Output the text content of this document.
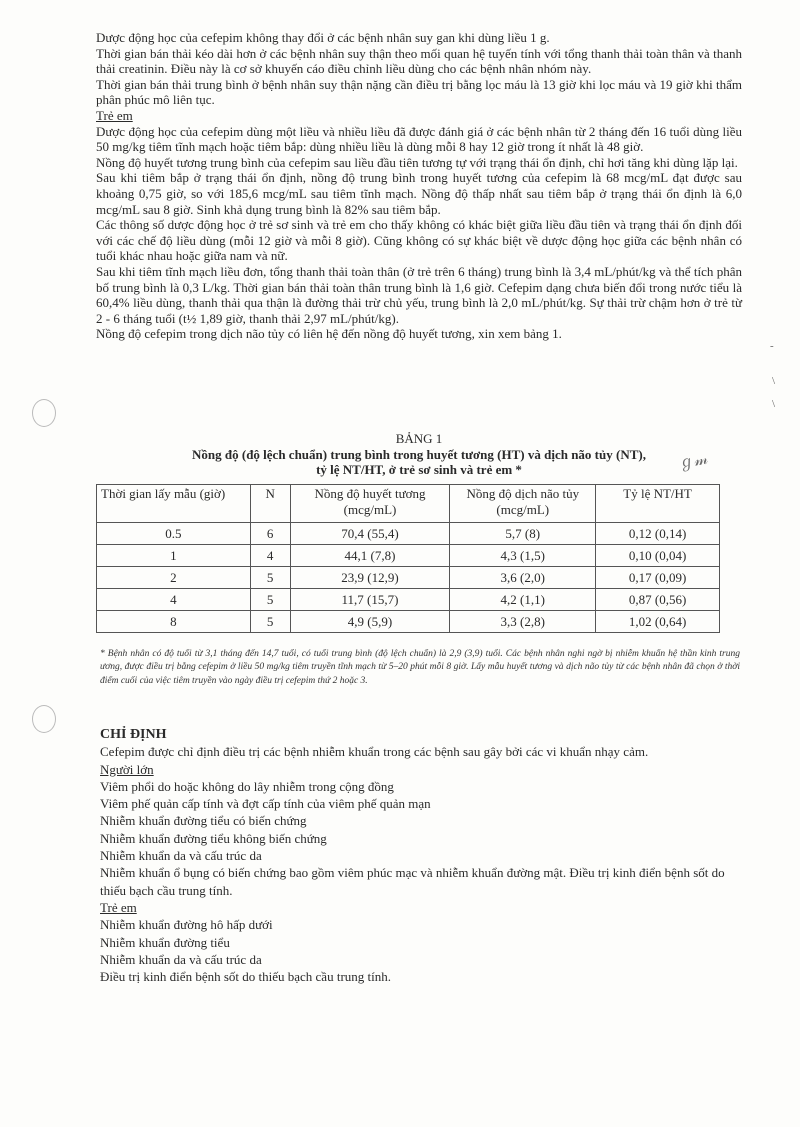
Dược động học của cefepim không thay đổi ở các bệnh nhân suy gan khi dùng liều 1 g.

Thời gian bán thải kéo dài hơn ở các bệnh nhân suy thận theo mối quan hệ tuyến tính với tổng thanh thải toàn thân và thanh thải creatinin. Điều này là cơ sở khuyến cáo điều chỉnh liều dùng cho các bệnh nhân nhóm này.

Thời gian bán thải trung bình ở bệnh nhân suy thận nặng cần điều trị bằng lọc máu là 13 giờ khi lọc máu và 19 giờ khi thẩm phân phúc mô liên tục.

Trẻ em

Dược động học của cefepim dùng một liều và nhiều liều đã được đánh giá ở các bệnh nhân từ 2 tháng đến 16 tuổi dùng liều 50 mg/kg tiêm tĩnh mạch hoặc tiêm bắp: dùng nhiều liều là dùng mỗi 8 hay 12 giờ trong ít nhất là 48 giờ.

Nồng độ huyết tương trung bình của cefepim sau liều đầu tiên tương tự với trạng thái ổn định, chỉ hơi tăng khi dùng lặp lại.

Sau khi tiêm bắp ở trạng thái ổn định, nồng độ trung bình trong huyết tương của cefepim là 68 mcg/mL đạt được sau khoảng 0,75 giờ, so với 185,6 mcg/mL sau tiêm tĩnh mạch. Nồng độ thấp nhất sau tiêm bắp ở trạng thái ổn định là 6,0 mcg/mL sau 8 giờ. Sinh khả dụng trung bình là 82% sau tiêm bắp.

Các thông số dược động học ở trẻ sơ sinh và trẻ em cho thấy không có khác biệt giữa liều đầu tiên và trạng thái ổn định đối với các chế độ liều dùng (mỗi 12 giờ và mỗi 8 giờ). Cũng không có sự khác biệt về dược động học giữa các bệnh nhân có tuổi khác nhau hoặc giữa nam và nữ.

Sau khi tiêm tĩnh mạch liều đơn, tổng thanh thải toàn thân (ở trẻ trên 6 tháng) trung bình là 3,4 mL/phút/kg và thể tích phân bố trung bình là 0,3 L/kg. Thời gian bán thải toàn thân trung bình là 1,6 giờ. Cefepim dạng chưa biến đổi trong nước tiểu là 60,4% liều dùng, thanh thải qua thận là đường thải trừ chủ yếu, trung bình là 2,0 mL/phút/kg. Sự thải trừ chậm hơn ở trẻ từ 2 - 6 tháng tuổi (t½ 1,89 giờ, thanh thải 2,97 mL/phút/kg).

Nồng độ cefepim trong dịch não tủy có liên hệ đến nồng độ huyết tương, xin xem bảng 1.

BẢNG 1
Nồng độ (độ lệch chuẩn) trung bình trong huyết tương (HT) và dịch não tủy (NT),
tỷ lệ NT/HT, ở trẻ sơ sinh và trẻ em *	ℊ𝓂
Thời gian lấy mẫu (giờ)	N	Nồng độ huyết tương (mcg/mL)	Nồng độ dịch não tủy (mcg/mL)	Tỷ lệ NT/HT
0.5	6	70,4 (55,4)	5,7 (8)	0,12 (0,14)
1	4	44,1 (7,8)	4,3 (1,5)	0,10 (0,04)
2	5	23,9 (12,9)	3,6 (2,0)	0,17 (0,09)
4	5	11,7 (15,7)	4,2 (1,1)	0,87 (0,56)
8	5	4,9 (5,9)	3,3 (2,8)	1,02 (0,64)
* Bệnh nhân có độ tuổi từ 3,1 tháng đến 14,7 tuổi, có tuổi trung bình (độ lệch chuẩn) là 2,9 (3,9) tuổi. Các bệnh nhân nghi ngờ bị nhiễm khuẩn hệ thần kinh trung ương, được điều trị bằng cefepim ở liều 50 mg/kg tiêm truyền tĩnh mạch từ 5–20 phút mỗi 8 giờ. Lấy mẫu huyết tương và dịch não tủy từ các bệnh nhân đã chọn ở thời điểm cuối của việc tiêm truyền vào ngày điều trị cefepim thứ 2 hoặc 3.

CHỈ ĐỊNH

Cefepim được chỉ định điều trị các bệnh nhiễm khuẩn trong các bệnh sau gây bởi các vi khuẩn nhạy cảm.

Người lớn

Viêm phổi do hoặc không do lây nhiễm trong cộng đồng

Viêm phế quản cấp tính và đợt cấp tính của viêm phế quản mạn

Nhiễm khuẩn đường tiểu có biến chứng

Nhiễm khuẩn đường tiểu không biến chứng

Nhiễm khuẩn da và cấu trúc da

Nhiễm khuẩn ổ bụng có biến chứng bao gồm viêm phúc mạc và nhiễm khuẩn đường mật. Điều trị kinh điển bệnh sốt do thiếu bạch cầu trung tính.

Trẻ em

Nhiễm khuẩn đường hô hấp dưới

Nhiễm khuẩn đường tiểu

Nhiễm khuẩn da và cấu trúc da

Điều trị kinh điển bệnh sốt do thiếu bạch cầu trung tính.

-
\
\
